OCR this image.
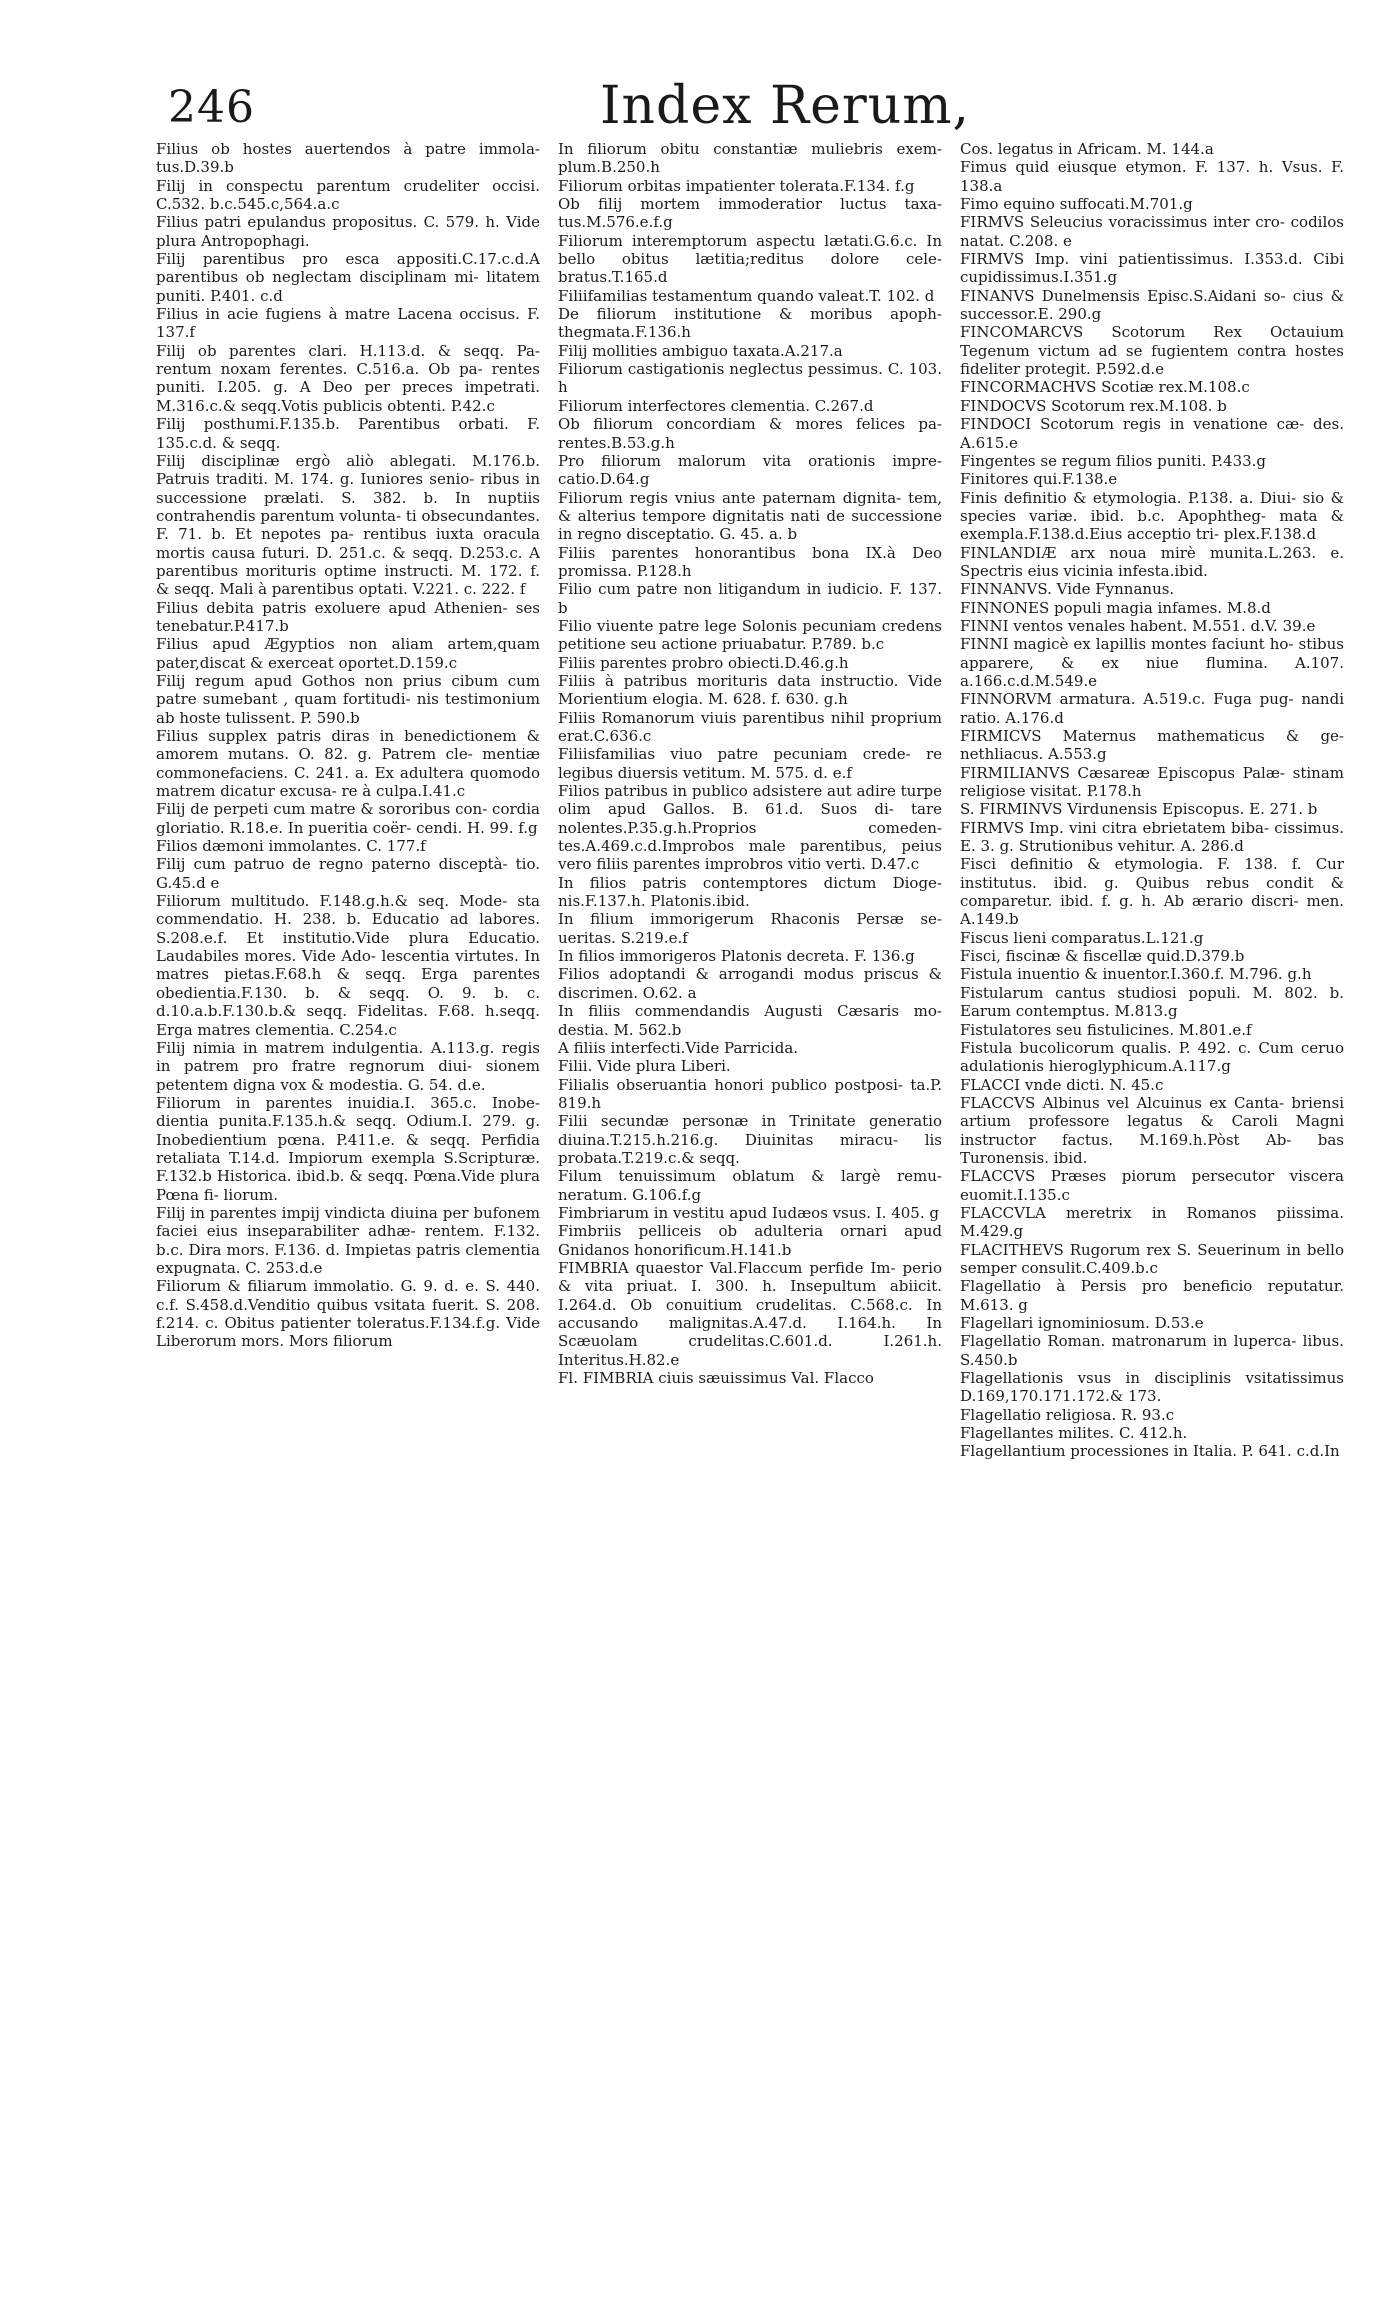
246	Index Rerum,

Filius ob hostes auertendos à patre immola- tus.D.39.b

Filij in conspectu parentum crudeliter occisi. C.532. b.c.545.c,564.a.c

Filius patri epulandus propositus. C. 579. h. Vide plura Antropophagi.

Filij parentibus pro esca appositi.C.17.c.d.A parentibus ob neglectam disciplinam mi- litatem puniti. P.401. c.d

Filius in acie fugiens à matre Lacena occisus. F. 137.f

Filij ob parentes clari. H.113.d. & seqq. Pa- rentum noxam ferentes. C.516.a. Ob pa- rentes puniti. I.205. g. A Deo per preces impetrati. M.316.c.& seqq.Votis publicis obtenti. P.42.c

Filij posthumi.F.135.b. Parentibus orbati. F. 135.c.d. & seqq.

Filij disciplinæ ergò aliò ablegati. M.176.b. Patruis traditi. M. 174. g. Iuniores senio- ribus in successione prælati. S. 382. b. In nuptiis contrahendis parentum volunta- ti obsecundantes. F. 71. b. Et nepotes pa- rentibus iuxta oracula mortis causa futuri. D. 251.c. & seqq. D.253.c. A parentibus morituris optime instructi. M. 172. f. & seqq. Mali à parentibus optati. V.221. c. 222. f

Filius debita patris exoluere apud Athenien- ses tenebatur.P.417.b

Filius apud Ægyptios non aliam artem,quam pater,discat & exerceat oportet.D.159.c

Filij regum apud Gothos non prius cibum cum patre sumebant , quam fortitudi- nis testimonium ab hoste tulissent. P. 590.b

Filius supplex patris diras in benedictionem & amorem mutans. O. 82. g. Patrem cle- mentiæ commonefaciens. C. 241. a. Ex adultera quomodo matrem dicatur excusa- re à culpa.I.41.c

Filij de perpeti cum matre & sororibus con- cordia gloriatio. R.18.e. In pueritia coër- cendi. H. 99. f.g

Filios dæmoni immolantes. C. 177.f

Filij cum patruo de regno paterno disceptà- tio. G.45.d e

Filiorum multitudo. F.148.g.h.& seq. Mode- sta commendatio. H. 238. b. Educatio ad labores. S.208.e.f. Et institutio.Vide plura Educatio. Laudabiles mores. Vide Ado- lescentia virtutes. In matres pietas.F.68.h & seqq. Erga parentes obedientia.F.130. b. & seqq. O. 9. b. c. d.10.a.b.F.130.b.& seqq. Fidelitas. F.68. h.seqq. Erga matres clementia. C.254.c

Filij nimia in matrem indulgentia. A.113.g. regis in patrem pro fratre regnorum diui- sionem petentem digna vox & modestia. G. 54. d.e.

Filiorum in parentes inuidia.I. 365.c. Inobe- dientia punita.F.135.h.& seqq. Odium.I. 279. g. Inobedientium pœna. P.411.e. & seqq. Perfidia retaliata T.14.d. Impiorum exempla S.Scripturæ. F.132.b Historica. ibid.b. & seqq. Pœna.Vide plura Pœna fi- liorum.

Filij in parentes impij vindicta diuina per bufonem faciei eius inseparabiliter adhæ- rentem. F.132. b.c. Dira mors. F.136. d. Impietas patris clementia expugnata. C. 253.d.e

Filiorum & filiarum immolatio. G. 9. d. e. S. 440. c.f. S.458.d.Venditio quibus vsitata fuerit. S. 208. f.214. c. Obitus patienter toleratus.F.134.f.g. Vide Liberorum mors. Mors filiorum

In filiorum obitu constantiæ muliebris exem- plum.B.250.h

Filiorum orbitas impatienter tolerata.F.134. f.g

Ob filij mortem immoderatior luctus taxa- tus.M.576.e.f.g

Filiorum interemptorum aspectu lætati.G.6.c. In bello obitus lætitia;reditus dolore cele- bratus.T.165.d

Filiifamilias testamentum quando valeat.T. 102. d

De filiorum institutione & moribus apoph- thegmata.F.136.h

Filij mollities ambiguo taxata.A.217.a

Filiorum castigationis neglectus pessimus. C. 103. h

Filiorum interfectores clementia. C.267.d

Ob filiorum concordiam & mores felices pa- rentes.B.53.g.h

Pro filiorum malorum vita orationis impre- catio.D.64.g

Filiorum regis vnius ante paternam dignita- tem, & alterius tempore dignitatis nati de successione in regno disceptatio. G. 45. a. b

Filiis parentes honorantibus bona IX.à Deo promissa. P.128.h

Filio cum patre non litigandum in iudicio. F. 137. b

Filio viuente patre lege Solonis pecuniam credens petitione seu actione priuabatur. P.789. b.c

Filiis parentes probro obiecti.D.46.g.h

Filiis à patribus morituris data instructio. Vide Morientium elogia. M. 628. f. 630. g.h

Filiis Romanorum viuis parentibus nihil proprium erat.C.636.c

Filiisfamilias viuo patre pecuniam crede- re legibus diuersis vetitum. M. 575. d. e.f

Filios patribus in publico adsistere aut adire turpe olim apud Gallos. B. 61.d. Suos di- tare nolentes.P.35.g.h.Proprios comeden- tes.A.469.c.d.Improbos male parentibus, peius vero filiis parentes improbros vitio verti. D.47.c

In filios patris contemptores dictum Dioge- nis.F.137.h. Platonis.ibid.

In filium immorigerum Rhaconis Persæ se- ueritas. S.219.e.f

In filios immorigeros Platonis decreta. F. 136.g

Filios adoptandi & arrogandi modus priscus & discrimen. O.62. a

In filiis commendandis Augusti Cæsaris mo- destia. M. 562.b

A filiis interfecti.Vide Parricida.

Filii. Vide plura Liberi.

Filialis obseruantia honori publico postposi- ta.P. 819.h

Filii secundæ personæ in Trinitate generatio diuina.T.215.h.216.g. Diuinitas miracu- lis probata.T.219.c.& seqq.

Filum tenuissimum oblatum & largè remu- neratum. G.106.f.g

Fimbriarum in vestitu apud Iudæos vsus. I. 405. g

Fimbriis pelliceis ob adulteria ornari apud Gnidanos honorificum.H.141.b

FIMBRIA quaestor Val.Flaccum perfide Im- perio & vita priuat. I. 300. h. Insepultum abiicit. I.264.d. Ob conuitium crudelitas. C.568.c. In accusando malignitas.A.47.d. I.164.h. In Scæuolam crudelitas.C.601.d. I.261.h. Interitus.H.82.e

Fl. FIMBRIA ciuis sæuissimus Val. Flacco

Cos. legatus in Africam. M. 144.a

Fimus quid eiusque etymon. F. 137. h. Vsus. F. 138.a

Fimo equino suffocati.M.701.g

FIRMVS Seleucius voracissimus inter cro- codilos natat. C.208. e

FIRMVS Imp. vini patientissimus. I.353.d. Cibi cupidissimus.I.351.g

FINANVS Dunelmensis Episc.S.Aidani so- cius & successor.E. 290.g

FINCOMARCVS Scotorum Rex Octauium Tegenum victum ad se fugientem contra hostes fideliter protegit. P.592.d.e

FINCORMACHVS Scotiæ rex.M.108.c

FINDOCVS Scotorum rex.M.108. b

FINDOCI Scotorum regis in venatione cæ- des. A.615.e

Fingentes se regum filios puniti. P.433.g

Finitores qui.F.138.e

Finis definitio & etymologia. P.138. a. Diui- sio & species variæ. ibid. b.c. Apophtheg- mata & exempla.F.138.d.Eius acceptio tri- plex.F.138.d

FINLANDIÆ arx noua mirè munita.L.263. e. Spectris eius vicinia infesta.ibid.

FINNANVS. Vide Fynnanus.

FINNONES populi magia infames. M.8.d

FINNI ventos venales habent. M.551. d.V. 39.e

FINNI magicè ex lapillis montes faciunt ho- stibus apparere, & ex niue flumina. A.107. a.166.c.d.M.549.e

FINNORVM armatura. A.519.c. Fuga pug- nandi ratio. A.176.d

FIRMICVS Maternus mathematicus & ge- nethliacus. A.553.g

FIRMILIANVS Cæsareæ Episcopus Palæ- stinam religiose visitat. P.178.h

S. FIRMINVS Virdunensis Episcopus. E. 271. b

FIRMVS Imp. vini citra ebrietatem biba- cissimus. E. 3. g. Strutionibus vehitur. A. 286.d

Fisci definitio & etymologia. F. 138. f. Cur institutus. ibid. g. Quibus rebus condit & comparetur. ibid. f. g. h. Ab ærario discri- men. A.149.b

Fiscus lieni comparatus.L.121.g

Fisci, fiscinæ & fiscellæ quid.D.379.b

Fistula inuentio & inuentor.I.360.f. M.796. g.h

Fistularum cantus studiosi populi. M. 802. b. Earum contemptus. M.813.g

Fistulatores seu fistulicines. M.801.e.f

Fistula bucolicorum qualis. P. 492. c. Cum ceruo adulationis hieroglyphicum.A.117.g

FLACCI vnde dicti. N. 45.c

FLACCVS Albinus vel Alcuinus ex Canta- briensi artium professore legatus & Caroli Magni instructor factus. M.169.h.Pòst Ab- bas Turonensis. ibid.

FLACCVS Præses piorum persecutor viscera euomit.I.135.c

FLACCVLA meretrix in Romanos piissima. M.429.g

FLACITHEVS Rugorum rex S. Seuerinum in bello semper consulit.C.409.b.c

Flagellatio à Persis pro beneficio reputatur. M.613. g

Flagellari ignominiosum. D.53.e

Flagellatio Roman. matronarum in luperca- libus. S.450.b

Flagellationis vsus in disciplinis vsitatissimus D.169,170.171.172.& 173.

Flagellatio religiosa. R. 93.c

Flagellantes milites. C. 412.h.

Flagellantium processiones in Italia. P. 641. c.d.In
